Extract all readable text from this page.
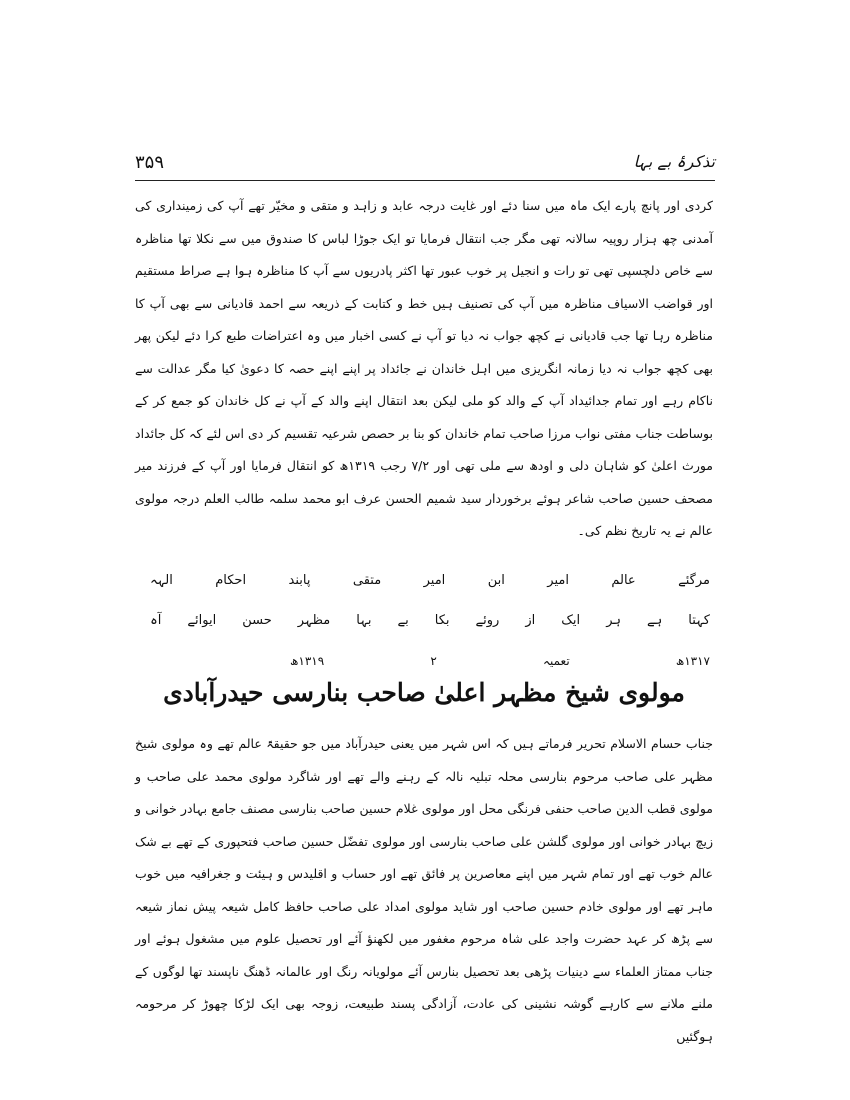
۳۵۹	تذکرۂ بے بہا
کردی اور پانچ پارے ایک ماہ میں سنا دئے اور غایت درجہ عابد و زاہد و متقی و مخیّر تھے آپ کی زمینداری کی آمدنی چھ ہزار روپیہ سالانہ تھی مگر جب انتقال فرمایا تو ایک جوڑا لباس کا صندوق میں سے نکلا تھا مناظرہ سے خاص دلچسپی تھی تو رات و انجیل پر خوب عبور تھا اکثر پادریوں سے آپ کا مناظرہ ہوا ہے صراط مستقیم اور قواضب الاسیاف مناظرہ میں آپ کی تصنیف ہیں خط و کتابت کے ذریعہ سے احمد قادیانی سے بھی آپ کا مناظرہ رہا تھا جب قادیانی نے کچھ جواب نہ دیا تو آپ نے کسی اخبار میں وہ اعتراضات طبع کرا دئے لیکن پھر بھی کچھ جواب نہ دیا زمانہ انگریزی میں اہل خاندان نے جائداد پر اپنے اپنے حصہ کا دعویٰ کیا مگر عدالت سے ناکام رہے اور تمام جدائیداد آپ کے والد کو ملی لیکن بعد انتقال اپنے والد کے آپ نے کل خاندان کو جمع کر کے بوساطت جناب مفتی نواب مرزا صاحب تمام خاندان کو بنا بر حصص شرعیہ تقسیم کر دی اس لئے کہ کل جائداد مورث اعلیٰ کو شاہان دلی و اودھ سے ملی تھی اور ۷/۲ رجب ۱۳۱۹ھ کو انتقال فرمایا اور آپ کے فرزند میر مصحف حسین صاحب شاعر ہوئے برخوردار سید شمیم الحسن عرف ابو محمد سلمہ طالب العلم درجہ مولوی عالم نے یہ تاریخ نظم کی۔
مرگئے
عالم
امیر
ابن
امیر
متقی
پابند
احکام
الہہ
کہتا
ہے
ہر
ایک
از
روئے
بکا
بے
بہا
مظہر
حسن
ایوائے
آہ
۱۳۱۷ھ
تعمیہ
۲
۱۳۱۹ھ
مولوی شیخ مظہر اعلیٰ صاحب بنارسی حیدرآبادی
جناب حسام الاسلام تحریر فرماتے ہیں کہ اس شہر میں یعنی حیدرآباد میں جو حقیقۃً عالم تھے وہ مولوی شیخ مظہر علی صاحب مرحوم بنارسی محلہ تبلیہ نالہ کے رہنے والے تھے اور شاگرد مولوی محمد علی صاحب و مولوی قطب الدین صاحب حنفی فرنگی محل اور مولوی غلام حسین صاحب بنارسی مصنف جامع بہادر خوانی و زیچ بہادر خوانی اور مولوی گلشن علی صاحب بنارسی اور مولوی تفضّل حسین صاحب فتحپوری کے تھے بے شک عالم خوب تھے اور تمام شہر میں اپنے معاصرین پر فائق تھے اور حساب و اقلیدس و ہیئت و جغرافیہ میں خوب ماہر تھے اور مولوی خادم حسین صاحب اور شاید مولوی امداد علی صاحب حافظ کامل شیعہ پیش نماز شیعہ سے پڑھ کر عہد حضرت واجد علی شاہ مرحوم مغفور میں لکھنؤ آئے اور تحصیل علوم میں مشغول ہوئے اور جناب ممتاز العلماء سے دینیات پڑھی بعد تحصیل بنارس آئے مولویانہ رنگ اور عالمانہ ڈھنگ ناپسند تھا لوگوں کے ملنے ملانے سے کارہے گوشہ نشینی کی عادت، آزادگی پسند طبیعت، زوجہ بھی ایک لڑکا چھوڑ کر مرحومہ ہوگئیں
